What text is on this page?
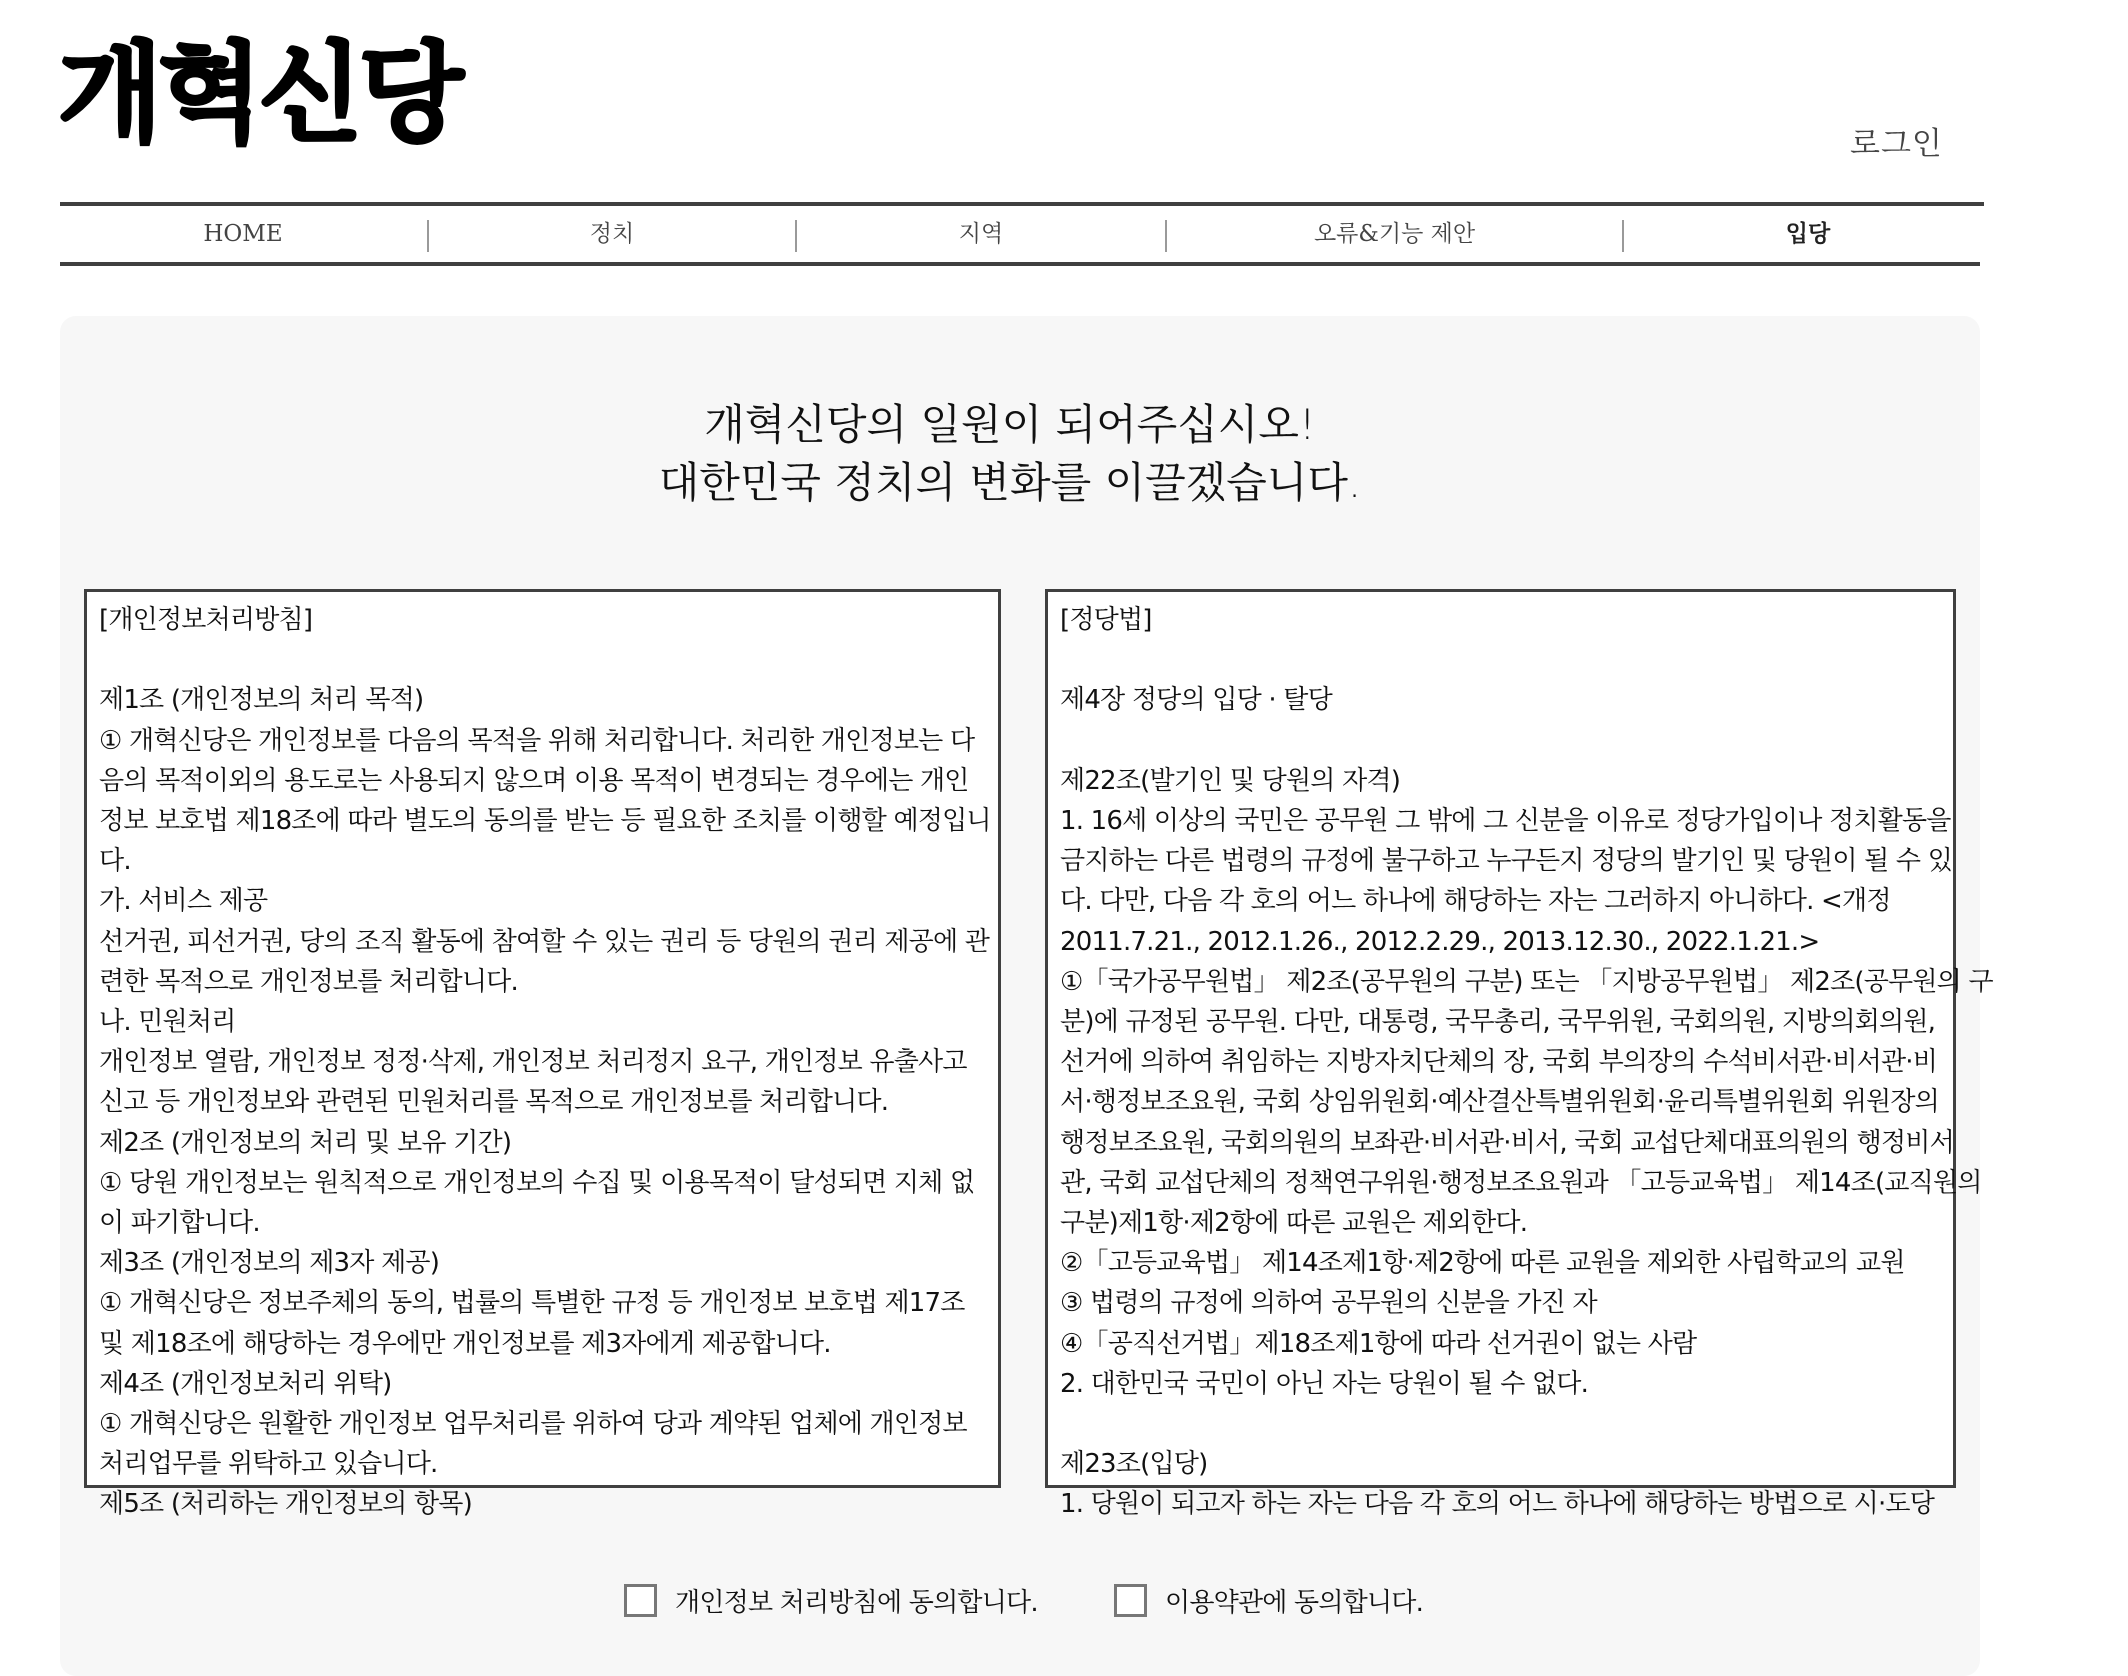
개혁신당	로그인
HOME	정치	지역	오류&기능 제안	입당
개혁신당의 일원이 되어주십시오!
대한민국 정치의 변화를 이끌겠습니다.
[개인정보처리방침]
제1조 (개인정보의 처리 목적)
① 개혁신당은 개인정보를 다음의 목적을 위해 처리합니다. 처리한 개인정보는 다
음의 목적이외의 용도로는 사용되지 않으며 이용 목적이 변경되는 경우에는 개인
정보 보호법 제18조에 따라 별도의 동의를 받는 등 필요한 조치를 이행할 예정입니
다.
가. 서비스 제공
선거권, 피선거권, 당의 조직 활동에 참여할 수 있는 권리 등 당원의 권리 제공에 관
련한 목적으로 개인정보를 처리합니다.
나. 민원처리
개인정보 열람, 개인정보 정정·삭제, 개인정보 처리정지 요구, 개인정보 유출사고
신고 등 개인정보와 관련된 민원처리를 목적으로 개인정보를 처리합니다.
제2조 (개인정보의 처리 및 보유 기간)
① 당원 개인정보는 원칙적으로 개인정보의 수집 및 이용목적이 달성되면 지체 없
이 파기합니다.
제3조 (개인정보의 제3자 제공)
① 개혁신당은 정보주체의 동의, 법률의 특별한 규정 등 개인정보 보호법 제17조
및 제18조에 해당하는 경우에만 개인정보를 제3자에게 제공합니다.
제4조 (개인정보처리 위탁)
① 개혁신당은 원활한 개인정보 업무처리를 위하여 당과 계약된 업체에 개인정보
처리업무를 위탁하고 있습니다.
제5조 (처리하는 개인정보의 항목)
[정당법]
제4장 정당의 입당 · 탈당
제22조(발기인 및 당원의 자격)
1. 16세 이상의 국민은 공무원 그 밖에 그 신분을 이유로 정당가입이나 정치활동을
금지하는 다른 법령의 규정에 불구하고 누구든지 정당의 발기인 및 당원이 될 수 있
다. 다만, 다음 각 호의 어느 하나에 해당하는 자는 그러하지 아니하다. <개정
2011.7.21., 2012.1.26., 2012.2.29., 2013.12.30., 2022.1.21.>
①「국가공무원법」 제2조(공무원의 구분) 또는 「지방공무원법」 제2조(공무원의 구
분)에 규정된 공무원. 다만, 대통령, 국무총리, 국무위원, 국회의원, 지방의회의원,
선거에 의하여 취임하는 지방자치단체의 장, 국회 부의장의 수석비서관·비서관·비
서·행정보조요원, 국회 상임위원회·예산결산특별위원회·윤리특별위원회 위원장의
행정보조요원, 국회의원의 보좌관·비서관·비서, 국회 교섭단체대표의원의 행정비서
관, 국회 교섭단체의 정책연구위원·행정보조요원과 「고등교육법」 제14조(교직원의
구분)제1항·제2항에 따른 교원은 제외한다.
②「고등교육법」 제14조제1항·제2항에 따른 교원을 제외한 사립학교의 교원
③ 법령의 규정에 의하여 공무원의 신분을 가진 자
④「공직선거법」제18조제1항에 따라 선거권이 없는 사람
2. 대한민국 국민이 아닌 자는 당원이 될 수 없다.
제23조(입당)
1. 당원이 되고자 하는 자는 다음 각 호의 어느 하나에 해당하는 방법으로 시·도당
개인정보 처리방침에 동의합니다.	이용약관에 동의합니다.
